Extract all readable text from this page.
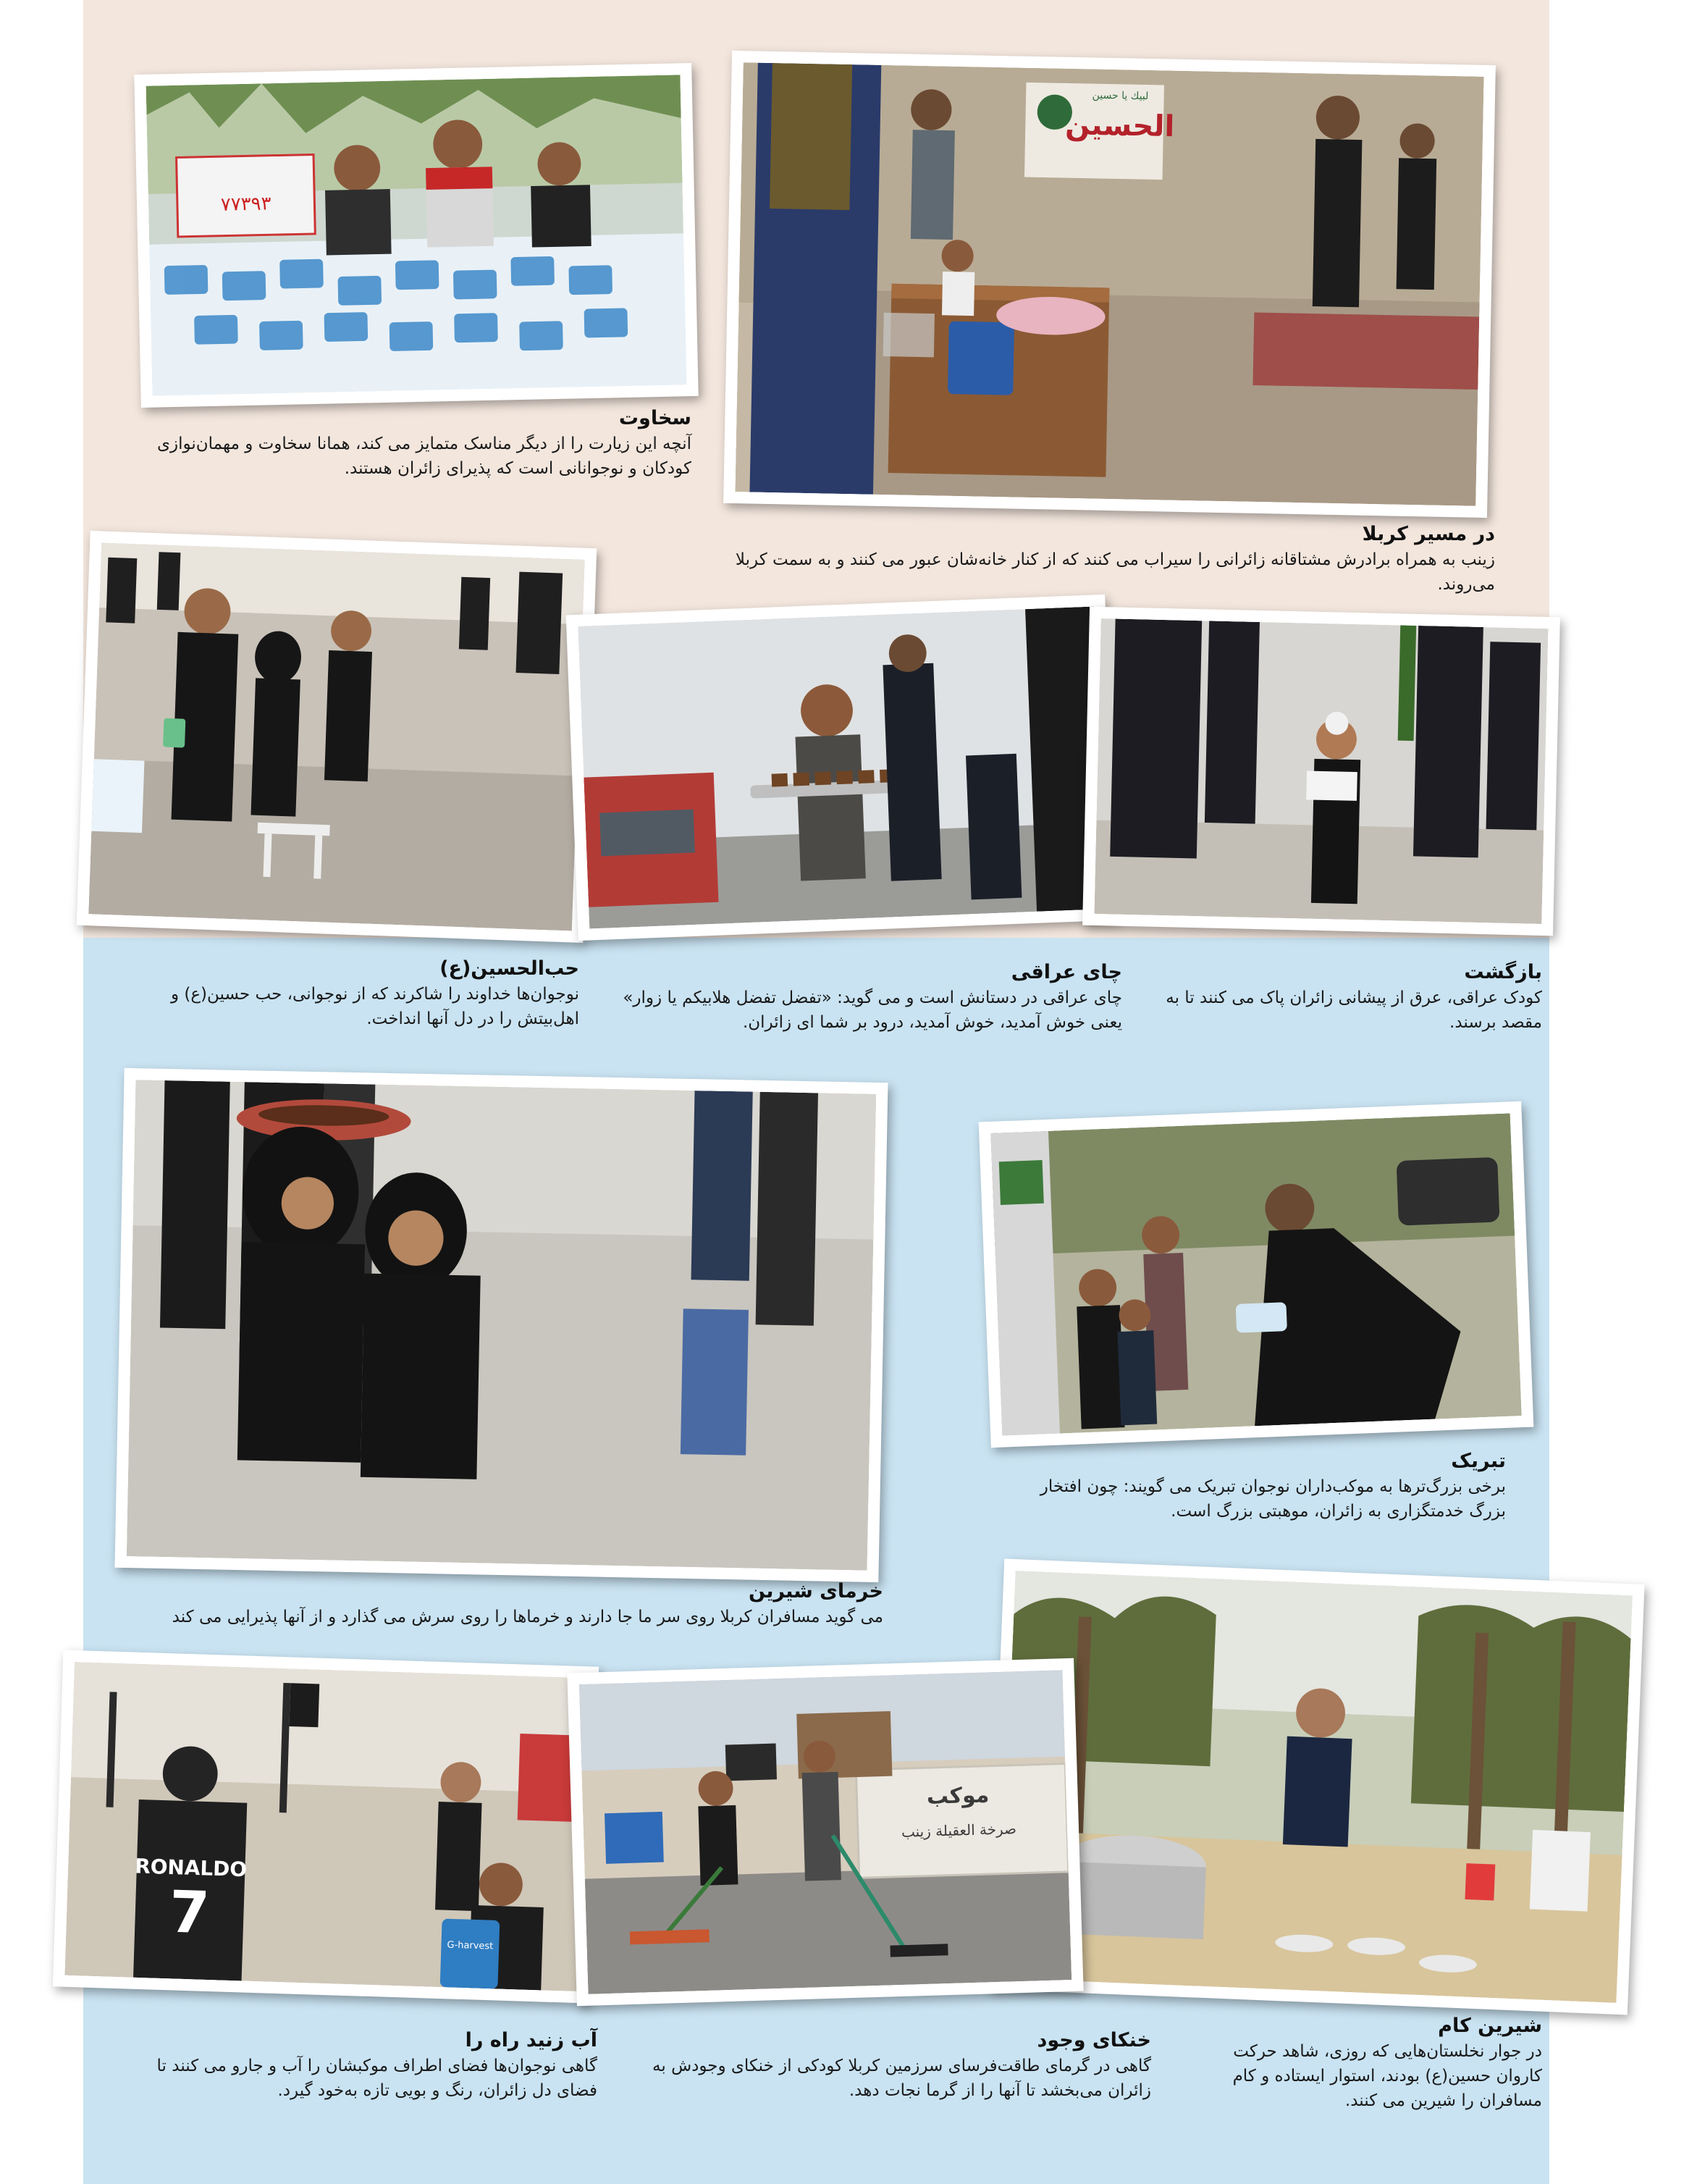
٧٧٣٩٣

سخاوت

آنچه این زیارت را از دیگر مناسک متمایز می کند، همانا سخاوت و مهمان‌نوازی کودکان و نوجوانانی است که پذیرای زائران هستند.

الحسين
لبيك يا حسين

در مسیر کربلا

زینب به همراه برادرش مشتاقانه زائرانی را سیراب می کنند که از کنار خانه‌شان عبور می کنند و به سمت کربلا می‌روند.

حب‌الحسین(ع)

نوجوان‌ها خداوند را شاکرند که از نوجوانی، حب حسین(ع) و اهل‌بیتش را در دل آنها انداخت.

چای عراقی

چای عراقی در دستانش است و می گوید: «تفضل تفضل هلابیکم یا زوار» یعنی خوش آمدید، خوش آمدید، درود بر شما ای زائران.

بازگشت

کودک عراقی، عرق از پیشانی زائران پاک می کنند تا به مقصد برسند.

خرمای شیرین

می گوید مسافران کربلا روی سر ما جا دارند و خرماها را روی سرش می گذارد و از آنها پذیرایی می کند

تبریک

برخی بزرگ‌ترها به موکب‌داران نوجوان تبریک می گویند: چون افتخار بزرگ خدمتگزاری به زائران، موهبتی بزرگ است.

شیرین کام

در جوار نخلستان‌هایی که روزی، شاهد حرکت کاروان حسین(ع) بودند، استوار ایستاده و کام مسافران را شیرین می کنند.

RONALDO
7	G-harvest

آب زنید راه را

گاهی نوجوان‌ها فضای اطراف موکبشان را آب و جارو می کنند تا فضای دل زائران، رنگ و بویی تازه به‌خود گیرد.

موکب
صرخة العقيلة زينب

خنکای وجود

گاهی در گرمای طاقت‌فرسای سرزمین کربلا کودکی از خنکای وجودش به زائران می‌بخشد تا آنها را از گرما نجات دهد.
